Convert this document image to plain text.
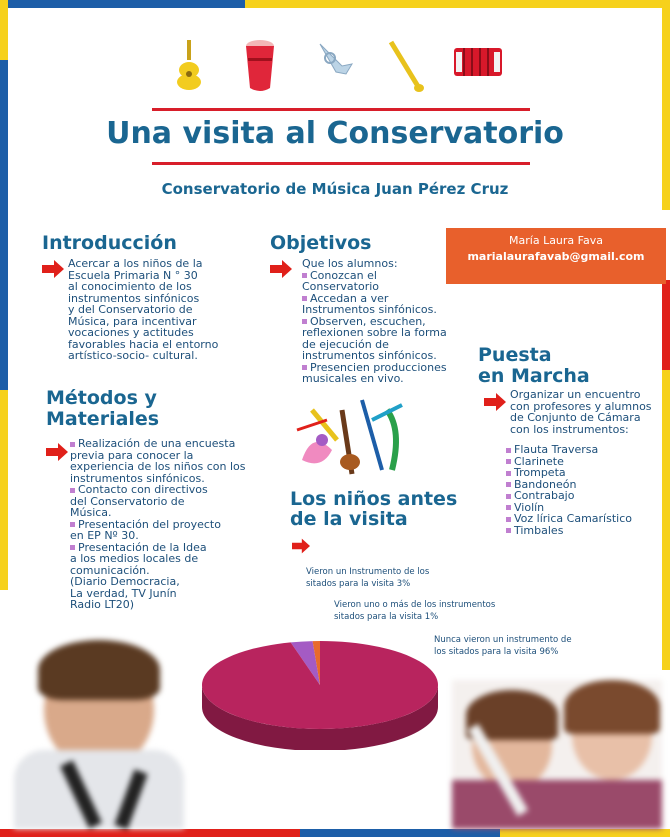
Una visita al Conservatorio
Conservatorio de Música Juan Pérez Cruz
María Laura Fava
marialaurafavab@gmail.com
Introducción
Acercar a los niños de la
Escuela Primaria N ° 30
al conocimiento de los
instrumentos sinfónicos
y del Conservatorio de
Música, para incentivar
vocaciones y actitudes
favorables hacia el entorno
artístico-socio- cultural.
Objetivos
Que los alumnos:
Conozcan el
Conservatorio
Accedan a ver
Instrumentos sinfónicos.
Observen, escuchen,
reflexionen sobre la forma
de ejecución de
instrumentos sinfónicos.
Presencien producciones
musicales en vivo.
Métodos y
Materiales
Realización de una encuesta
previa para conocer la
experiencia de los niños con los
instrumentos sinfónicos.
Contacto con directivos
del Conservatorio de
Música.
Presentación del proyecto
en EP Nº 30.
Presentación de la Idea
a los medios locales de
comunicación.
(Diario Democracia,
La verdad, TV Junín
Radio LT20)
Puesta
en Marcha
Organizar un encuentro
con profesores y alumnos
de Conjunto de Cámara
con los instrumentos:
Flauta Traversa
Clarinete
Trompeta
Bandoneón
Contrabajo
Violín
Voz lírica Camarístico
Timbales
Los niños antes
de la visita
Vieron un Instrumento de los
sitados para la visita 3%
Vieron uno o más de los instrumentos
sitados para la visita 1%
Nunca vieron un instrumento de
los sitados para la visita 96%
